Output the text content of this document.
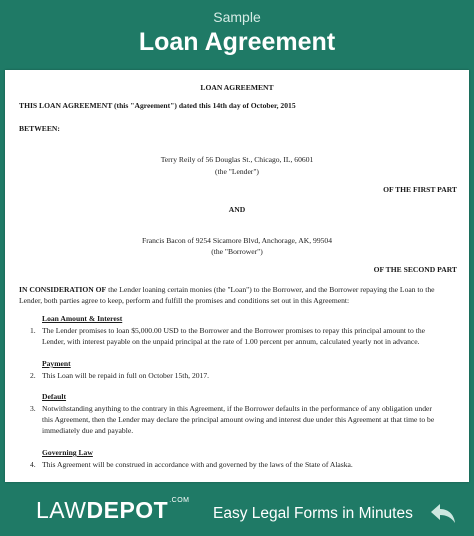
Sample
Loan Agreement
LOAN AGREEMENT
THIS LOAN AGREEMENT (this "Agreement") dated this 14th day of October, 2015
BETWEEN:
Terry Reily of 56 Douglas St., Chicago, IL, 60601
(the "Lender")
OF THE FIRST PART
AND
Francis Bacon of 9254 Sicamore Blvd, Anchorage, AK, 99504
(the "Borrower")
OF THE SECOND PART
IN CONSIDERATION OF the Lender loaning certain monies (the "Loan") to the Borrower, and the Borrower repaying the Loan to the
Lender, both parties agree to keep, perform and fulfill the promises and conditions set out in this Agreement:
Loan Amount & Interest
1. The Lender promises to loan $5,000.00 USD to the Borrower and the Borrower promises to repay this principal amount to the
Lender, with interest payable on the unpaid principal at the rate of 1.00 percent per annum, calculated yearly not in advance.
Payment
2. This Loan will be repaid in full on October 15th, 2017.
Default
3. Notwithstanding anything to the contrary in this Agreement, if the Borrower defaults in the performance of any obligation under
this Agreement, then the Lender may declare the principal amount owing and interest due under this Agreement at that time to be
immediately due and payable.
Governing Law
4. This Agreement will be construed in accordance with and governed by the laws of the State of Alaska.
$LAWDEPOT^{.COM}$
Easy Legal Forms in Minutes
